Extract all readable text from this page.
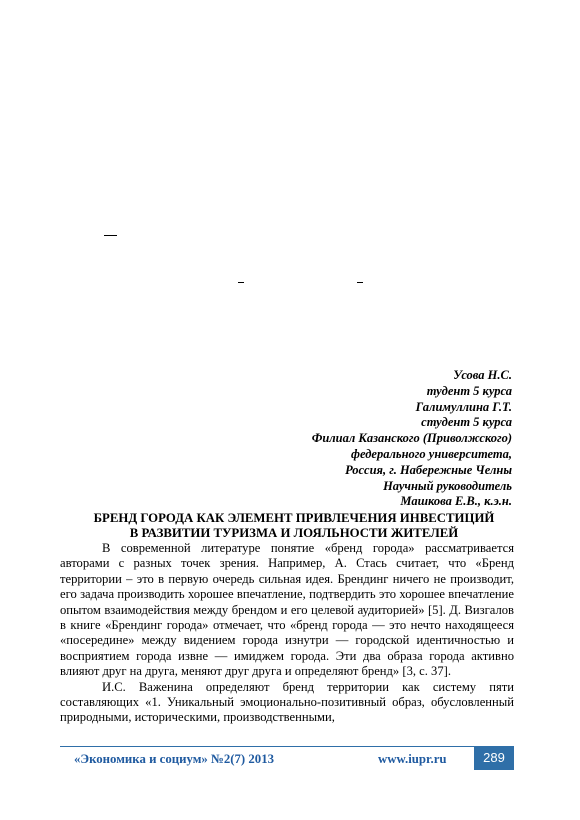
Усова Н.С.
тудент 5 курса
Галимуллина Г.Т.
студент 5 курса
Филиал Казанского (Приволжского)
федерального университета,
Россия, г. Набережные Челны
Научный руководитель
Машкова Е.В., к.э.н.
БРЕНД ГОРОДА КАК ЭЛЕМЕНТ ПРИВЛЕЧЕНИЯ ИНВЕСТИЦИЙ
В РАЗВИТИИ ТУРИЗМА И ЛОЯЛЬНОСТИ ЖИТЕЛЕЙ

В современной литературе понятие «бренд города» рассматривается авторами с разных точек зрения. Например, А. Стась считает, что «Бренд территории – это в первую очередь сильная идея. Брендинг ничего не производит, его задача производить хорошее впечатление, подтвердить это хорошее впечатление опытом взаимодействия между брендом и его целевой аудиторией» [5]. Д. Визгалов в книге «Брендинг города» отмечает, что «бренд города — это нечто находящееся «посередине» между видением города изнутри — городской идентичностью и восприятием города извне — имиджем города. Эти два образа города активно влияют друг на друга, меняют друг друга и определяют бренд» [3, с. 37].

И.С. Важенина определяют бренд территории как систему пяти составляющих «1. Уникальный эмоционально-позитивный образ, обусловленный природными, историческими, производственными,

«Экономика и социум» №2(7) 2013	www.iupr.ru	289
